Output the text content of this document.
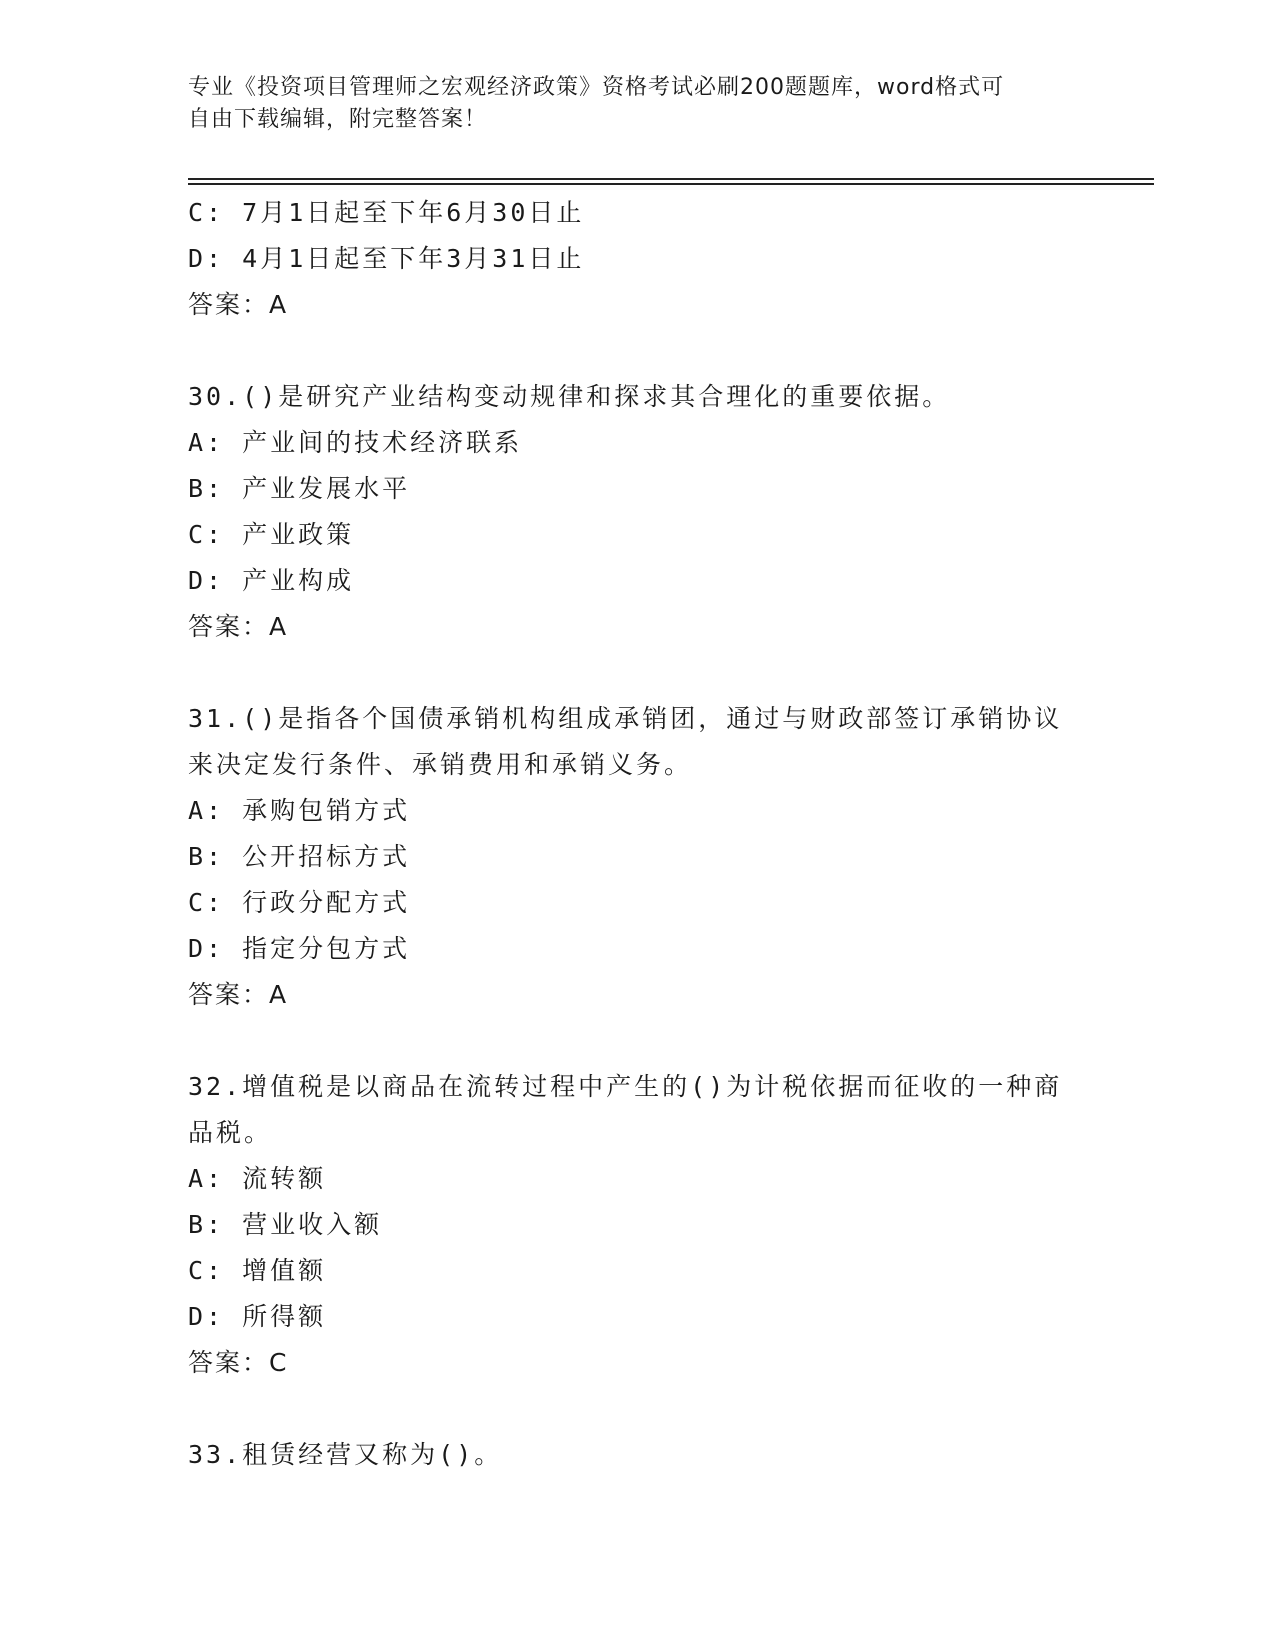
专业《投资项目管理师之宏观经济政策》资格考试必刷200题题库，word格式可
自由下载编辑，附完整答案！
C: 7月1日起至下年6月30日止
D: 4月1日起至下年3月31日止
答案：A
30.()是研究产业结构变动规律和探求其合理化的重要依据。
A: 产业间的技术经济联系
B: 产业发展水平
C: 产业政策
D: 产业构成
答案：A
31.()是指各个国债承销机构组成承销团，通过与财政部签订承销协议
来决定发行条件、承销费用和承销义务。
A: 承购包销方式
B: 公开招标方式
C: 行政分配方式
D: 指定分包方式
答案：A
32.增值税是以商品在流转过程中产生的()为计税依据而征收的一种商
品税。
A: 流转额
B: 营业收入额
C: 增值额
D: 所得额
答案：C
33.租赁经营又称为()。
